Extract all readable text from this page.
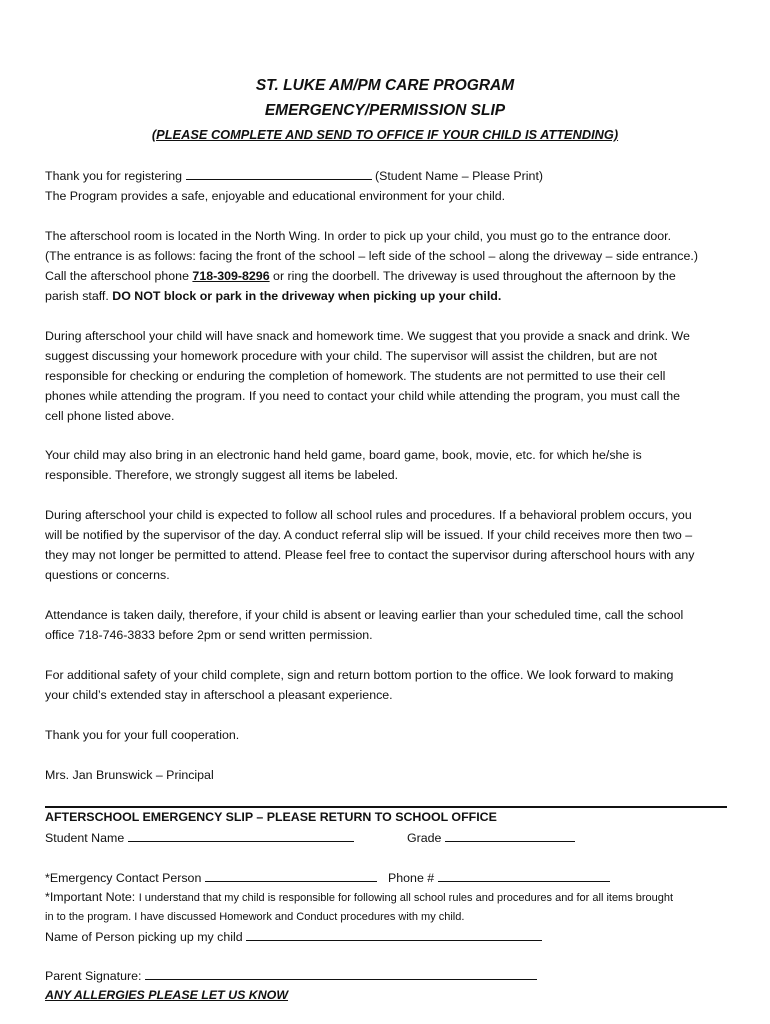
ST. LUKE AM/PM CARE PROGRAM
EMERGENCY/PERMISSION SLIP
(PLEASE COMPLETE AND SEND TO OFFICE IF YOUR CHILD IS ATTENDING)
Thank you for registering	(Student Name – Please Print)
The Program provides a safe, enjoyable and educational environment for your child.
The afterschool room is located in the North Wing. In order to pick up your child, you must go to the entrance door.
(The entrance is as follows: facing the front of the school – left side of the school – along the driveway – side entrance.)
Call the afterschool phone 718-309-8296 or ring the doorbell. The driveway is used throughout the afternoon by the
parish staff. DO NOT block or park in the driveway when picking up your child.
During afterschool your child will have snack and homework time. We suggest that you provide a snack and drink. We
suggest discussing your homework procedure with your child. The supervisor will assist the children, but are not
responsible for checking or enduring the completion of homework. The students are not permitted to use their cell
phones while attending the program. If you need to contact your child while attending the program, you must call the
cell phone listed above.
Your child may also bring in an electronic hand held game, board game, book, movie, etc. for which he/she is
responsible. Therefore, we strongly suggest all items be labeled.
During afterschool your child is expected to follow all school rules and procedures. If a behavioral problem occurs, you
will be notified by the supervisor of the day. A conduct referral slip will be issued. If your child receives more then two –
they may not longer be permitted to attend. Please feel free to contact the supervisor during afterschool hours with any
questions or concerns.
Attendance is taken daily, therefore, if your child is absent or leaving earlier than your scheduled time, call the school
office 718-746-3833 before 2pm or send written permission.
For additional safety of your child complete, sign and return bottom portion to the office. We look forward to making
your child’s extended stay in afterschool a pleasant experience.
Thank you for your full cooperation.
Mrs. Jan Brunswick – Principal
AFTERSCHOOL EMERGENCY SLIP – PLEASE RETURN TO SCHOOL OFFICE
Student Name	Grade
*Emergency Contact Person	Phone #
*Important Note: I understand that my child is responsible for following all school rules and procedures and for all items brought
in to the program. I have discussed Homework and Conduct procedures with my child.
Name of Person picking up my child
Parent Signature:
ANY ALLERGIES PLEASE LET US KNOW
